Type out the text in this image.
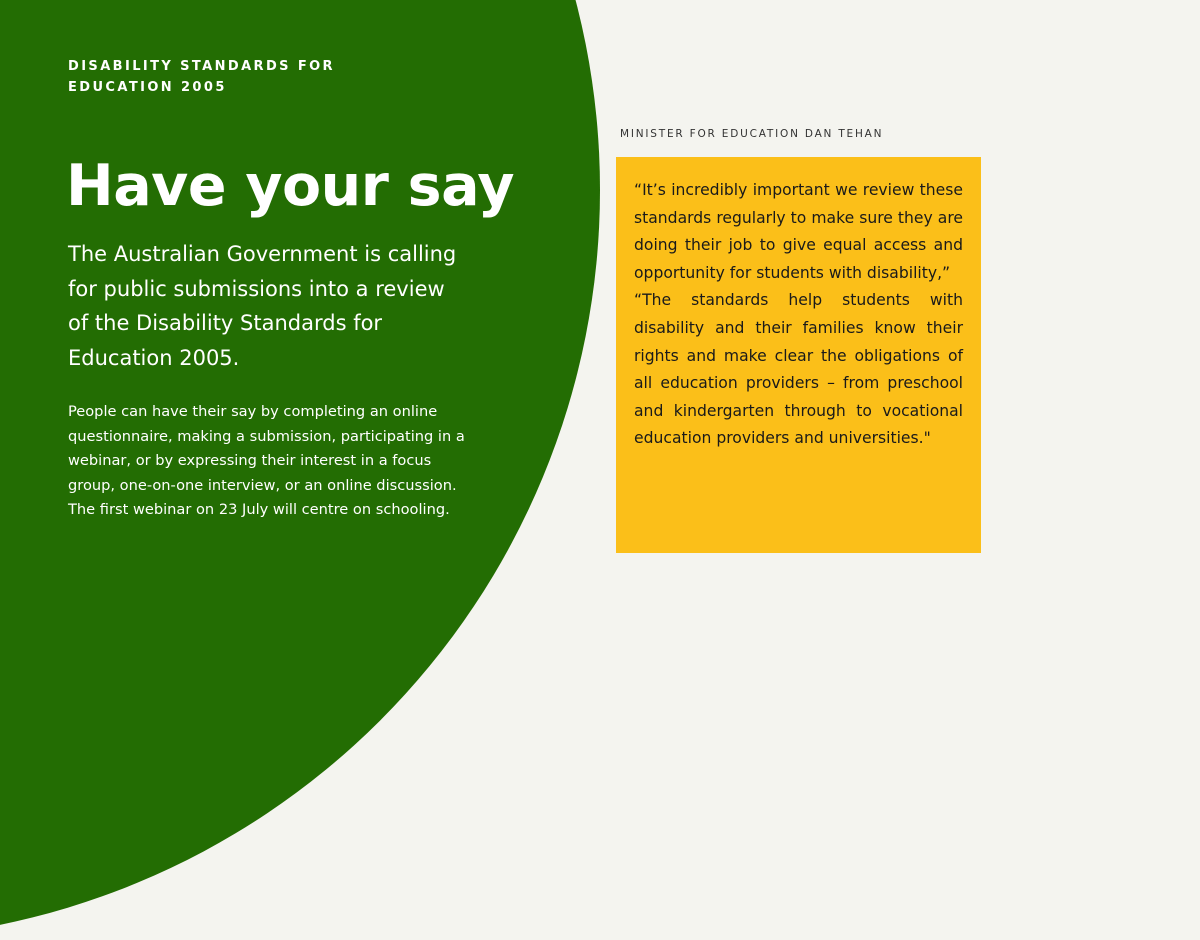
DISABILITY STANDARDS FOR EDUCATION 2005
Have your say

The Australian Government is calling for public submissions into a review of the Disability Standards for Education 2005.

People can have their say by completing an online questionnaire, making a submission, participating in a webinar, or by expressing their interest in a focus group, one-on-one interview, or an online discussion. The first webinar on 23 July will centre on schooling.

MINISTER FOR EDUCATION DAN TEHAN

“It’s incredibly important we review these standards regularly to make sure they are doing their job to give equal access and opportunity for students with disability,”

“The standards help students with disability and their families know their rights and make clear the obligations of all education providers – from preschool and kindergarten through to vocational education providers and universities."
